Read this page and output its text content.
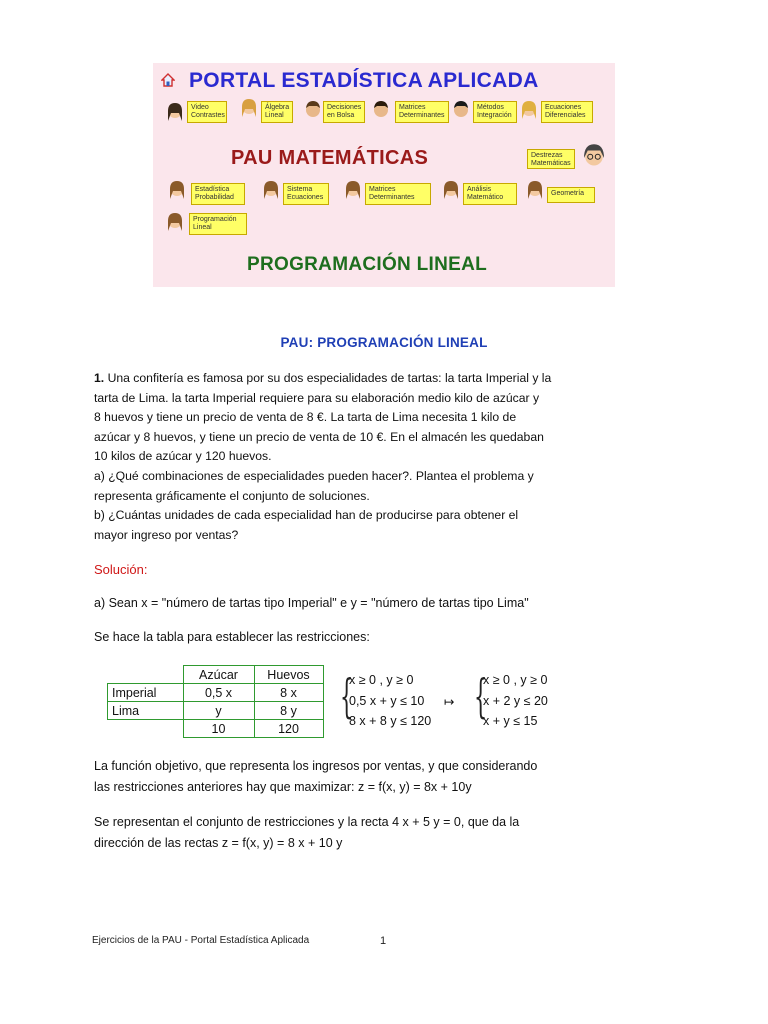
PORTAL ESTADÍSTICA APLICADA
Video Contrastes
Álgebra Lineal
Decisiones en Bolsa
Matrices Determinantes
Métodos Integración
Ecuaciones Diferenciales
PAU MATEMÁTICAS	Destrezas Matemáticas
Estadística Probabilidad
Sistema Ecuaciones
Matrices Determinantes
Análisis Matemático
Geometría
Programación Lineal
PROGRAMACIÓN LINEAL
PAU: PROGRAMACIÓN LINEAL
1. Una confitería es famosa por su dos especialidades de tartas: la tarta Imperial y la
tarta de Lima. la tarta Imperial requiere para su elaboración medio kilo de azúcar y
8 huevos y tiene un precio de venta de 8 €. La tarta de Lima necesita 1 kilo de
azúcar y 8 huevos, y tiene un precio de venta de 10 €. En el almacén les quedaban
10 kilos de azúcar y 120 huevos.
a) ¿Qué combinaciones de especialidades pueden hacer?. Plantea el problema y
representa gráficamente el conjunto de soluciones.
b) ¿Cuántas unidades de cada especialidad han de producirse para obtener el
mayor ingreso por ventas?
Solución:
a) Sean x = "número de tartas tipo Imperial" e y = "número de tartas tipo Lima"
Se hace la tabla para establecer las restricciones:
	Azúcar	Huevos
Imperial	0,5 x	8 x
Lima	y	8 y
	10	120
{
x ≥ 0 , y ≥ 0
0,5 x + y ≤ 10
8 x + 8 y ≤ 120
↦ {
x ≥ 0 , y ≥ 0
x + 2 y ≤ 20
x + y ≤ 15
La función objetivo, que representa los ingresos por ventas, y que considerando
las restricciones anteriores hay que maximizar: z = f(x, y) = 8x + 10y
Se representan el conjunto de restricciones y la recta 4 x + 5 y = 0, que da la
dirección de las rectas z = f(x, y) = 8 x + 10 y
Ejercicios de la PAU - Portal Estadística Aplicada	1
